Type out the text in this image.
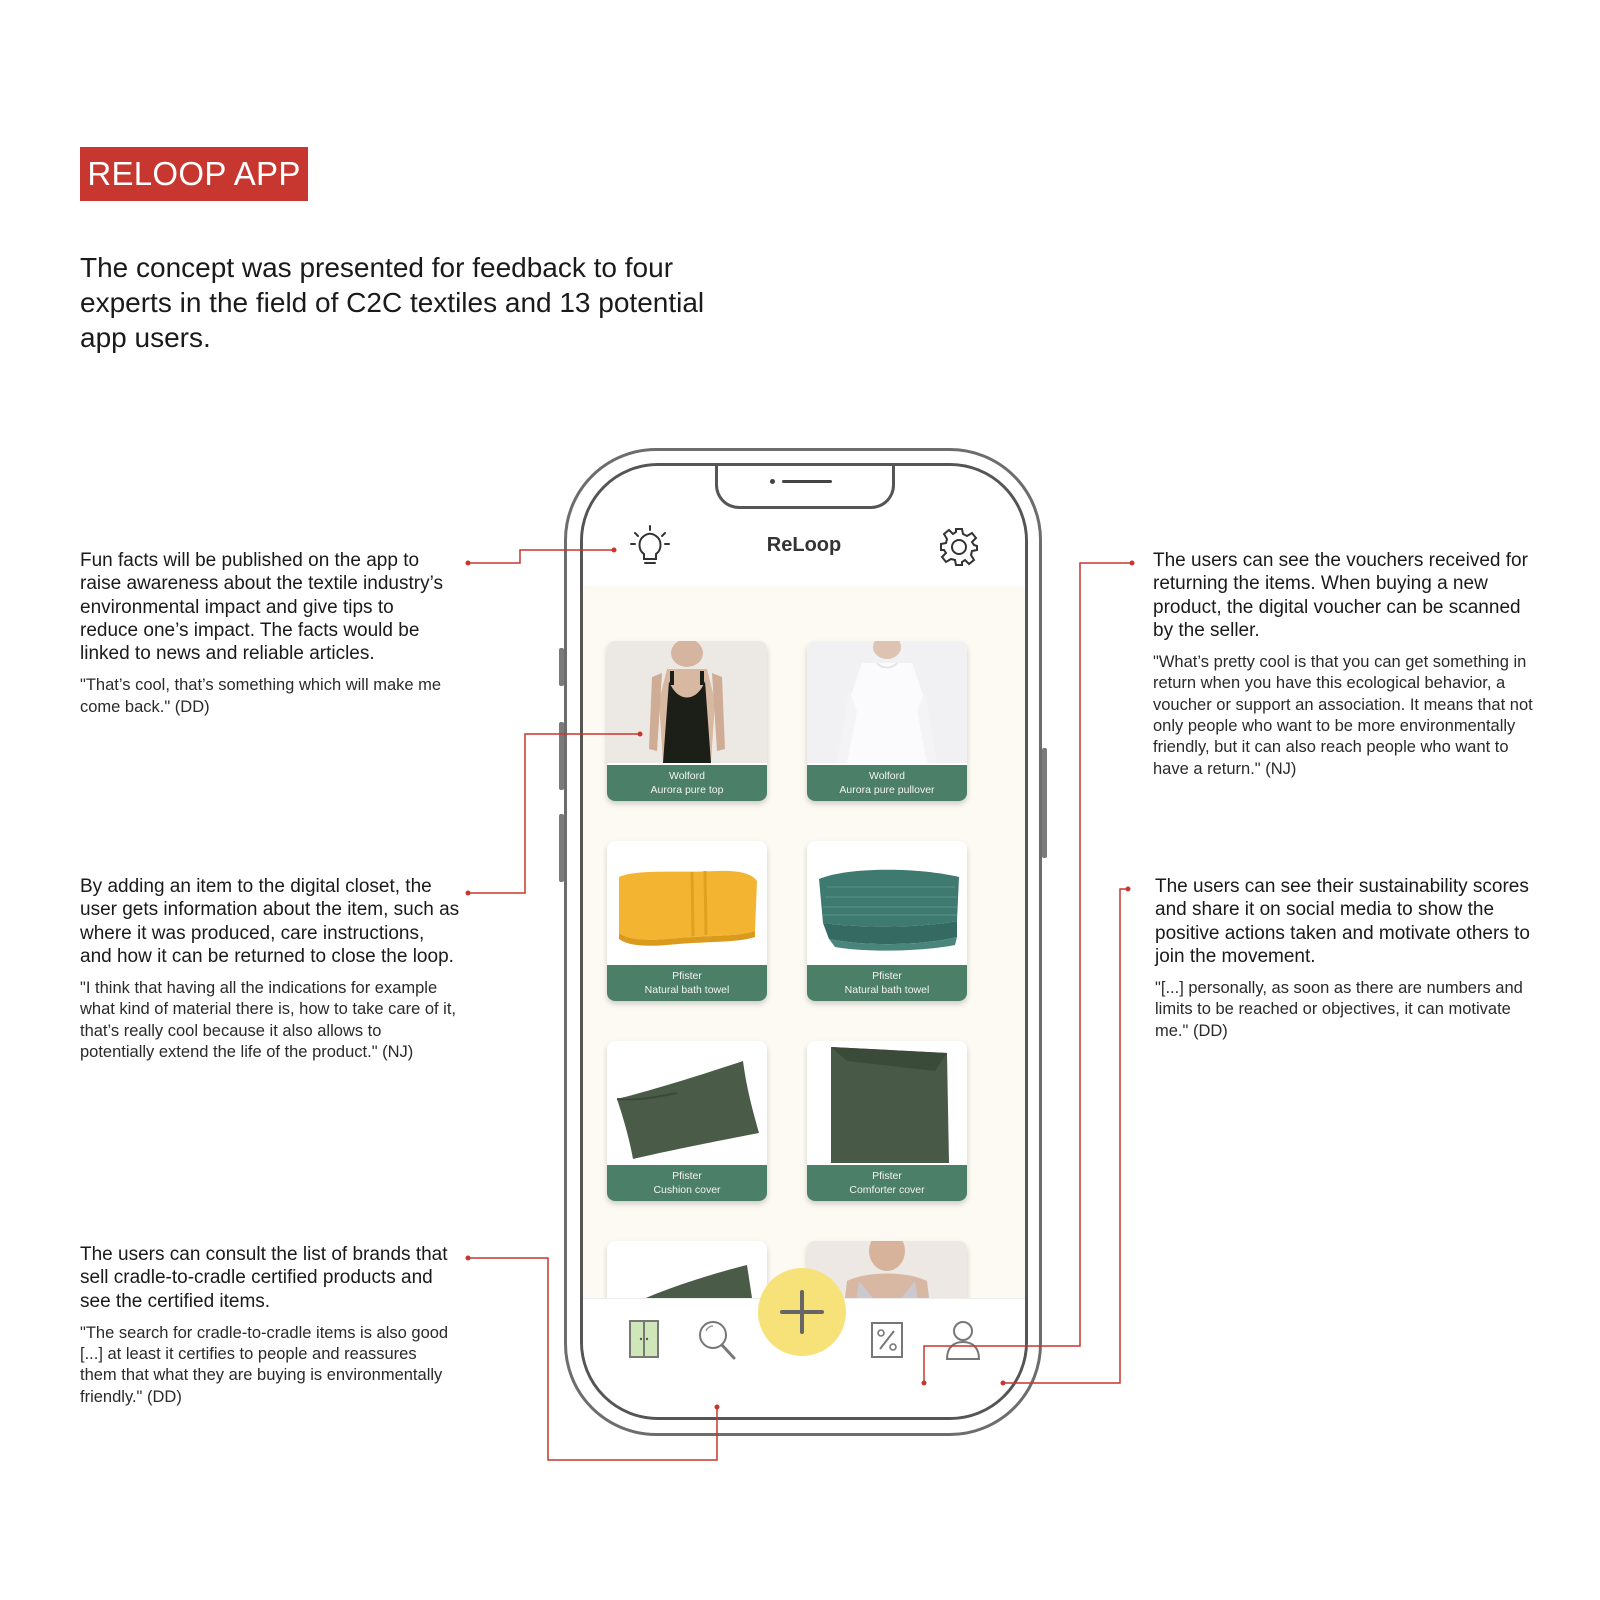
RELOOP APP
The concept was presented for feedback to four experts in the field of C2C textiles and 13 potential app users.

Fun facts will be published on the app to raise awareness about the textile industry’s environmental impact and give tips to reduce one’s impact. The facts would be linked to news and reliable articles.

"That’s cool, that’s something which will make me come back." (DD)

By adding an item to the digital closet, the user gets information about the item, such as where it was produced, care instructions, and how it can be returned to close the loop.

"I think that having all the indications for example what kind of material there is, how to take care of it, that’s really cool because it also allows to potentially extend the life of the product." (NJ)

The users can consult the list of brands that sell cradle-to-cradle certified products and see the certified items.

"The search for cradle-to-cradle items is also good [...] at least it certifies to people and reassures them that what they are buying is environmentally friendly." (DD)

The users can see the vouchers received for returning the items. When buying a new product, the digital voucher can be scanned by the seller.

"What’s pretty cool is that you can get something in return when you have this ecological behavior, a voucher or support an association. It means that not only people who want to be more environmentally friendly, but it can also reach people who want to have a return." (NJ)

The users can see their sustainability scores and share it on social media to show the positive actions taken and motivate others to join the movement.

"[...] personally, as soon as there are numbers and limits to be reached or objectives, it can motivate me." (DD)

ReLoop
Wolford
Aurora pure top
Wolford
Aurora pure pullover
Pfister
Natural bath towel
Pfister
Natural bath towel
Pfister
Cushion cover
Pfister
Comforter cover
